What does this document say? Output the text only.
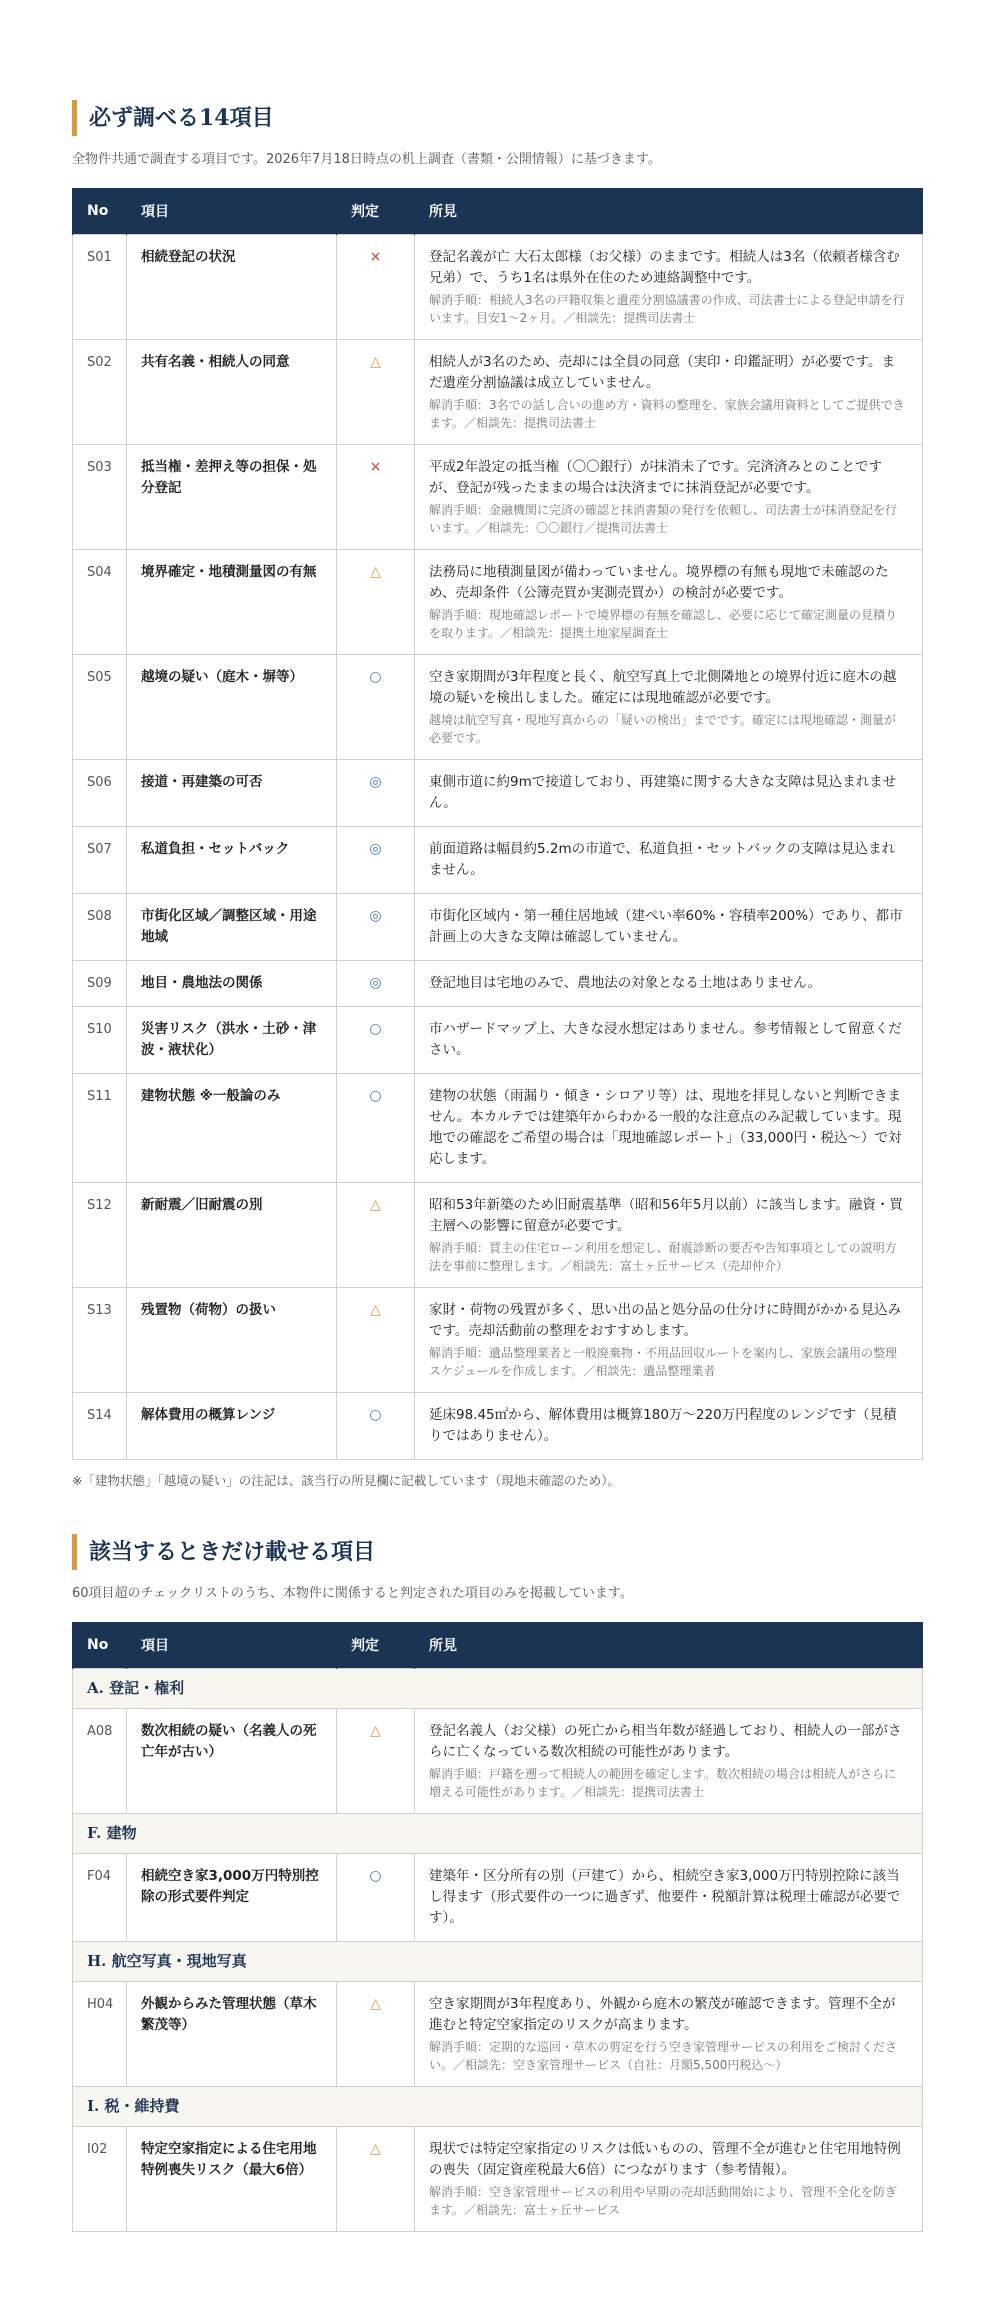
必ず調べる14項目

全物件共通で調査する項目です。2026年7月18日時点の机上調査（書類・公開情報）に基づきます。

No	項目	判定	所見
S01	相続登記の状況	×	登記名義が亡 大石太郎様（お父様）のままです。相続人は3名（依頼者様含む兄弟）で、うち1名は県外在住のため連絡調整中です。
解消手順：相続人3名の戸籍収集と遺産分割協議書の作成、司法書士による登記申請を行います。目安1〜2ヶ月。／相談先：提携司法書士

S02	共有名義・相続人の同意	△	相続人が3名のため、売却には全員の同意（実印・印鑑証明）が必要です。まだ遺産分割協議は成立していません。
解消手順：3名での話し合いの進め方・資料の整理を、家族会議用資料としてご提供できます。／相談先：提携司法書士

S03	抵当権・差押え等の担保・処分登記	×	平成2年設定の抵当権（〇〇銀行）が抹消未了です。完済済みとのことですが、登記が残ったままの場合は決済までに抹消登記が必要です。
解消手順：金融機関に完済の確認と抹消書類の発行を依頼し、司法書士が抹消登記を行います。／相談先：〇〇銀行／提携司法書士

S04	境界確定・地積測量図の有無	△	法務局に地積測量図が備わっていません。境界標の有無も現地で未確認のため、売却条件（公簿売買か実測売買か）の検討が必要です。
解消手順：現地確認レポートで境界標の有無を確認し、必要に応じて確定測量の見積りを取ります。／相談先：提携土地家屋調査士

S05	越境の疑い（庭木・塀等）	○	空き家期間が3年程度と長く、航空写真上で北側隣地との境界付近に庭木の越境の疑いを検出しました。確定には現地確認が必要です。
越境は航空写真・現地写真からの「疑いの検出」までです。確定には現地確認・測量が必要です。

S06	接道・再建築の可否	◎	東側市道に約9mで接道しており、再建築に関する大きな支障は見込まれません。

S07	私道負担・セットバック	◎	前面道路は幅員約5.2mの市道で、私道負担・セットバックの支障は見込まれません。

S08	市街化区域／調整区域・用途地域	◎	市街化区域内・第一種住居地域（建ぺい率60%・容積率200%）であり、都市計画上の大きな支障は確認していません。

S09	地目・農地法の関係	◎	登記地目は宅地のみで、農地法の対象となる土地はありません。

S10	災害リスク（洪水・土砂・津波・液状化）	○	市ハザードマップ上、大きな浸水想定はありません。参考情報として留意ください。

S11	建物状態 ※一般論のみ	○	建物の状態（雨漏り・傾き・シロアリ等）は、現地を拝見しないと判断できません。本カルテでは建築年からわかる一般的な注意点のみ記載しています。現地での確認をご希望の場合は「現地確認レポート」（33,000円・税込〜）で対応します。

S12	新耐震／旧耐震の別	△	昭和53年新築のため旧耐震基準（昭和56年5月以前）に該当します。融資・買主層への影響に留意が必要です。
解消手順：買主の住宅ローン利用を想定し、耐震診断の要否や告知事項としての説明方法を事前に整理します。／相談先：富士ヶ丘サービス（売却仲介）

S13	残置物（荷物）の扱い	△	家財・荷物の残置が多く、思い出の品と処分品の仕分けに時間がかかる見込みです。売却活動前の整理をおすすめします。
解消手順：遺品整理業者と一般廃棄物・不用品回収ルートを案内し、家族会議用の整理スケジュールを作成します。／相談先：遺品整理業者

S14	解体費用の概算レンジ	○	延床98.45㎡から、解体費用は概算180万〜220万円程度のレンジです（見積りではありません）。

※「建物状態」「越境の疑い」の注記は、該当行の所見欄に記載しています（現地未確認のため）。

該当するときだけ載せる項目

60項目超のチェックリストのうち、本物件に関係すると判定された項目のみを掲載しています。

No	項目	判定	所見
A. 登記・権利			
A08	数次相続の疑い（名義人の死亡年が古い）	△	登記名義人（お父様）の死亡から相当年数が経過しており、相続人の一部がさらに亡くなっている数次相続の可能性があります。
解消手順：戸籍を遡って相続人の範囲を確定します。数次相続の場合は相続人がさらに増える可能性があります。／相談先：提携司法書士

F. 建物			
F04	相続空き家3,000万円特別控除の形式要件判定	○	建築年・区分所有の別（戸建て）から、相続空き家3,000万円特別控除に該当し得ます（形式要件の一つに過ぎず、他要件・税額計算は税理士確認が必要です）。

H. 航空写真・現地写真			
H04	外観からみた管理状態（草木繁茂等）	△	空き家期間が3年程度あり、外観から庭木の繁茂が確認できます。管理不全が進むと特定空家指定のリスクが高まります。
解消手順：定期的な巡回・草木の剪定を行う空き家管理サービスの利用をご検討ください。／相談先：空き家管理サービス（自社：月額5,500円税込〜）

I. 税・維持費			
I02	特定空家指定による住宅用地特例喪失リスク（最大6倍）	△	現状では特定空家指定のリスクは低いものの、管理不全が進むと住宅用地特例の喪失（固定資産税最大6倍）につながります（参考情報）。
解消手順：空き家管理サービスの利用や早期の売却活動開始により、管理不全化を防ぎます。／相談先：富士ヶ丘サービス
